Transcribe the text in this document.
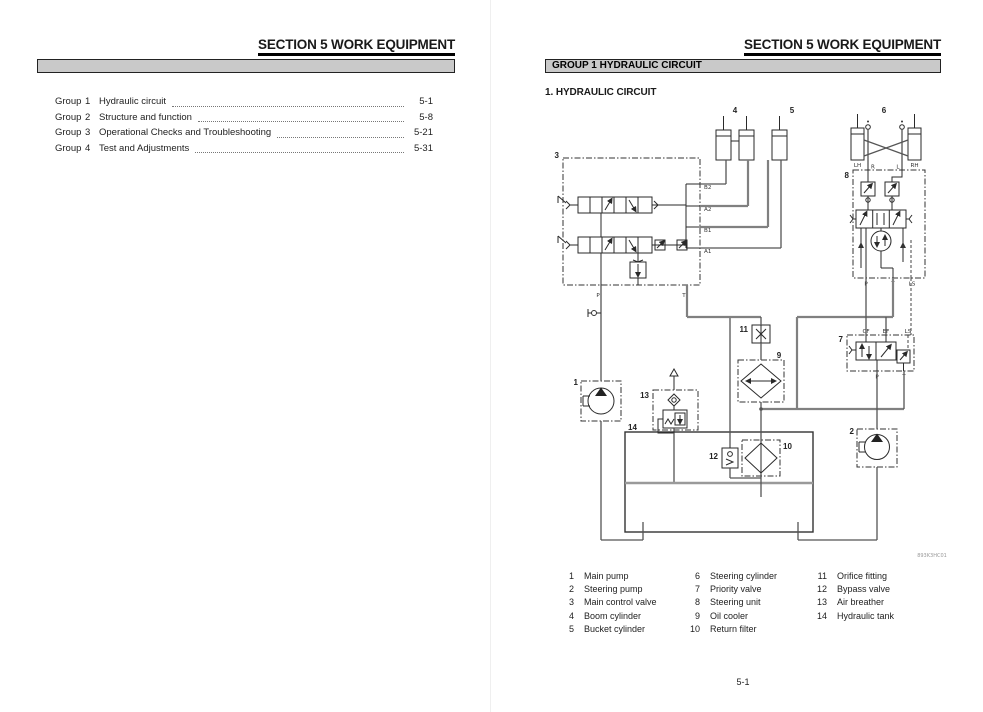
SECTION 5 WORK EQUIPMENT
Group 1 Hydraulic circuit	5-1
Group 2 Structure and function	5-8
Group 3 Operational Checks and Troubleshooting	5-21
Group 4 Test and Adjustments	5-31
SECTION 5 WORK EQUIPMENT
GROUP 1 HYDRAULIC CIRCUIT
1. HYDRAULIC CIRCUIT
3
B2
A2
B1
A1
P	T
4	5	6
LH	RH
R	L
8
P	T LS
7
CF EF	LS
P	T
11
9
1
2
13
14
12
10
893K3HC01
1 Main pump
2 Steering pump
3 Main control valve
4 Boom cylinder
5 Bucket cylinder
6 Steering cylinder
7 Priority valve
8 Steering unit
9 Oil cooler
10 Return filter
11 Orifice fitting
12 Bypass valve
13 Air breather
14 Hydraulic tank
5-1
